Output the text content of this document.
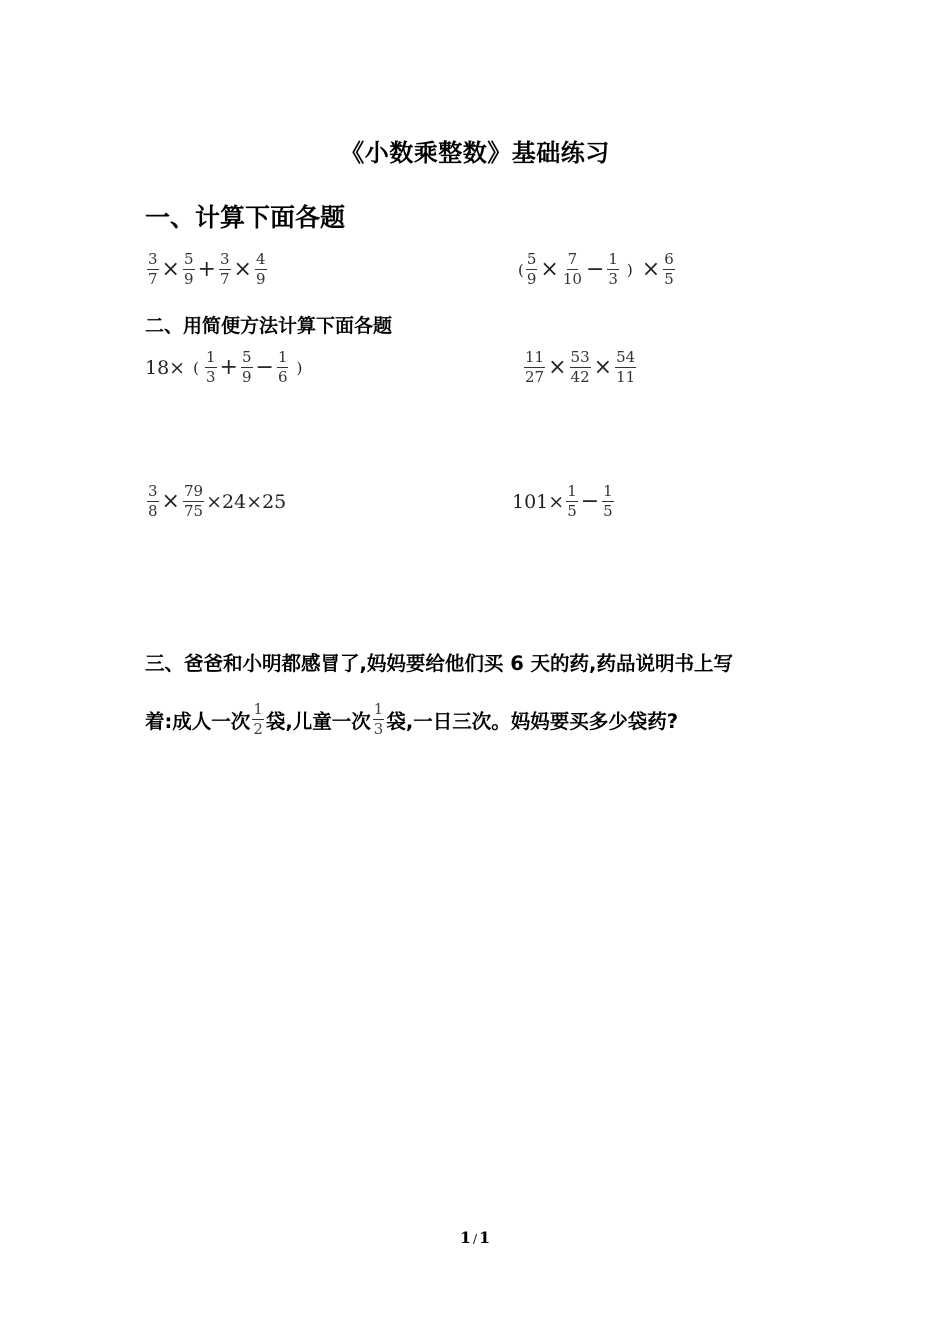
《小数乘整数》基础练习
一、计算下面各题
$\frac{3}{7} \times \frac{5}{9} + \frac{3}{7} \times \frac{4}{9}$	( $\frac{5}{9} \times \frac{7}{10} - \frac{1}{3}$ ) × $\frac{6}{5}$
二、用简便方法计算下面各题
18× ( $\frac{1}{3} + \frac{5}{9} - \frac{1}{6}$ )	$\frac{11}{27} \times \frac{53}{42} \times \frac{54}{11}$
$\frac{3}{8} \times \frac{79}{75} \times 24\times 25$	$101\times \frac{1}{5} - \frac{1}{5}$
三、爸爸和小明都感冒了,妈妈要给他们买 6 天的药,药品说明书上写
着:成人一次 $\frac{1}{2}$ 袋,儿童一次 $\frac{1}{3}$ 袋,一日三次。妈妈要买多少袋药?
1 / 1
